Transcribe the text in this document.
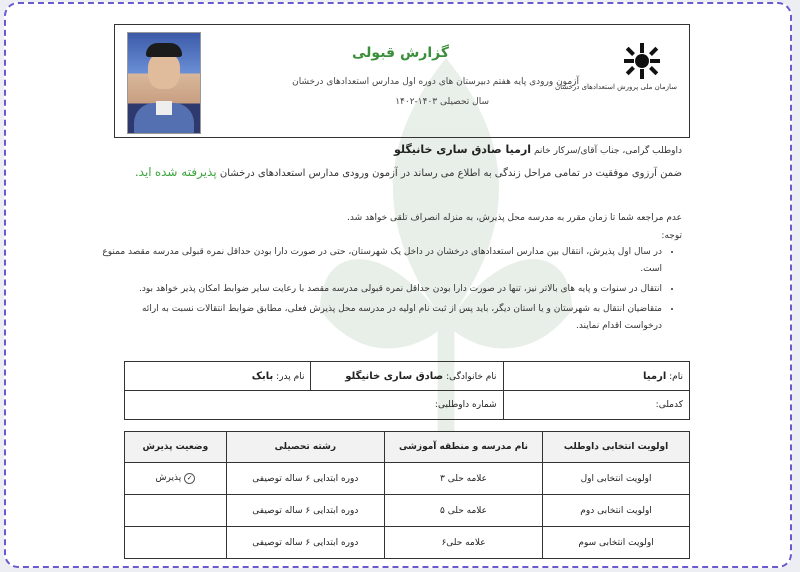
سازمان ملی پرورش استعدادهای درخشان
گزارش قبولی
آزمون ورودی پایه هفتم دبیرستان های دوره اول مدارس استعدادهای درخشان
سال تحصیلی ۱۴۰۳-۱۴۰۲
داوطلب گرامی، جناب آقای/سرکار خانم ارمیا صادق ساری خانیگلو
ضمن آرزوی موفقیت در تمامی مراحل زندگی به اطلاع می رساند در آزمون ورودی مدارس استعدادهای درخشان پذیرفته شده اید.
عدم مراجعه شما تا زمان مقرر به مدرسه محل پذیرش، به منزله انصراف تلقی خواهد شد.
توجه:
• در سال اول پذیرش، انتقال بین مدارس استعدادهای درخشان در داخل یک شهرستان، حتی در صورت دارا بودن حداقل نمره قبولی مدرسه مقصد ممنوع است.
• انتقال در سنوات و پایه های بالاتر نیز، تنها در صورت دارا بودن حداقل نمره قبولی مدرسه مقصد با رعایت سایر ضوابط امکان پذیر خواهد بود.
• متقاضیان انتقال به شهرستان و یا استان دیگر، باید پس از ثبت نام اولیه در مدرسه محل پذیرش فعلی، مطابق ضوابط انتقالات نسبت به ارائه درخواست اقدام نمایند.
نام: ارمیا	نام خانوادگی: صادق ساری خانیگلو	نام پدر: بابک
کدملی:	شماره داوطلبی:	
اولویت انتخابی داوطلب	نام مدرسه و منطقه آموزشی	رشته تحصیلی	وضعیت پذیرش
اولویت انتخابی اول	علامه حلی ۳	دوره ابتدایی ۶ ساله توصیفی	✓پذیرش
اولویت انتخابی دوم	علامه حلی ۵	دوره ابتدایی ۶ ساله توصیفی	
اولویت انتخابی سوم	علامه حلی۶	دوره ابتدایی ۶ ساله توصیفی	
